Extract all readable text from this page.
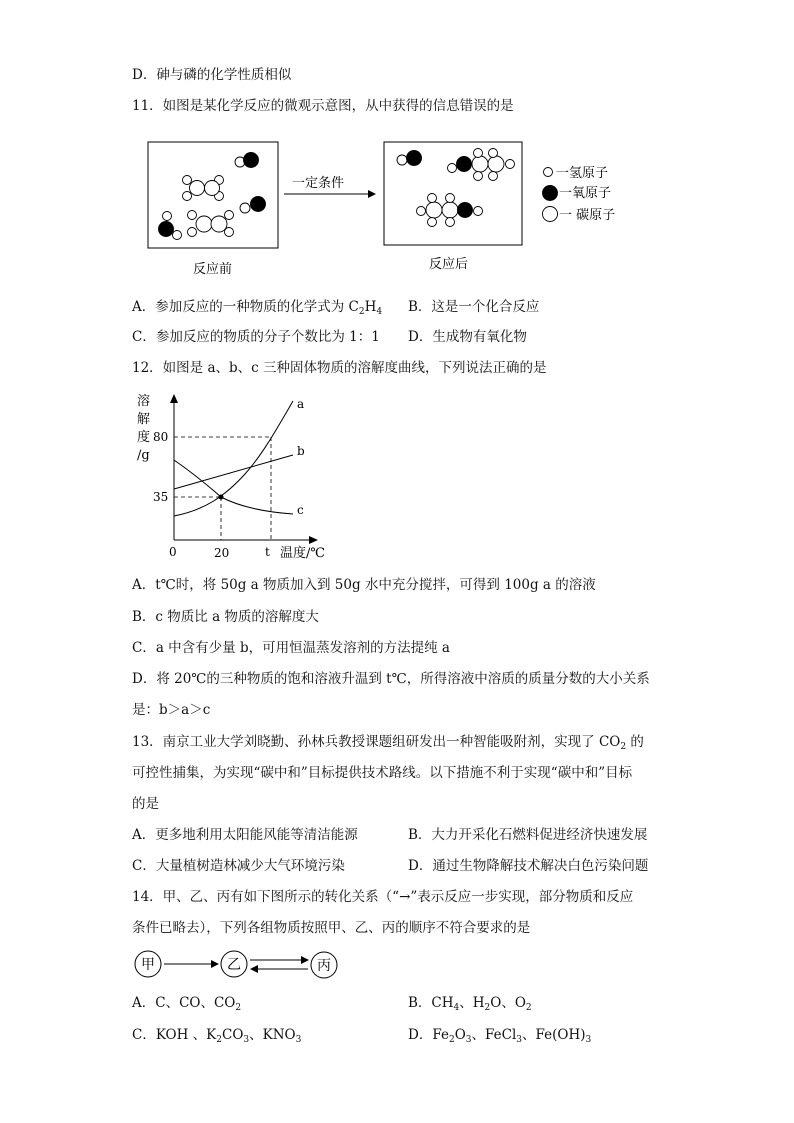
D．砷与磷的化学性质相似
11．如图是某化学反应的微观示意图，从中获得的信息错误的是
一定条件
一氢原子
一氧原子
一 碳原子
反应前	反应后
A．参加反应的一种物质的化学式为 $C_2H_4$ B．这是一个化合反应
C．参加反应的物质的分子个数比为 1：1 D．生成物有氧化物
12．如图是 a、b、c 三种固体物质的溶解度曲线，下列说法正确的是
溶
解
度
/g
80
35
0	20	t 温度/℃
a
b
c
A．t℃时，将 50g a 物质加入到 50g 水中充分搅拌，可得到 100g a 的溶液
B．c 物质比 a 物质的溶解度大
C．a 中含有少量 b，可用恒温蒸发溶剂的方法提纯 a
D．将 20℃的三种物质的饱和溶液升温到 t℃，所得溶液中溶质的质量分数的大小关系
是：b＞a＞c
13．南京工业大学刘晓勤、孙林兵教授课题组研发出一种智能吸附剂，实现了 $CO_2$ 的
可控性捕集，为实现“碳中和”目标提供技术路线。以下措施不利于实现“碳中和”目标
的是
A．更多地利用太阳能风能等清洁能源	B．大力开采化石燃料促进经济快速发展
C．大量植树造林减少大气环境污染	D．通过生物降解技术解决白色污染问题
14．甲、乙、丙有如下图所示的转化关系（“→”表示反应一步实现，部分物质和反应
条件已略去），下列各组物质按照甲、乙、丙的顺序不符合要求的是
甲	乙	丙
A．C、CO、$CO_2$	B．$CH_4$、$H_2O$、$O_2$
C．KOH 、$K_2CO_3$、$KNO_3$	D．$Fe_2O_3$、FeCl$_3$、$Fe(OH)_3$
